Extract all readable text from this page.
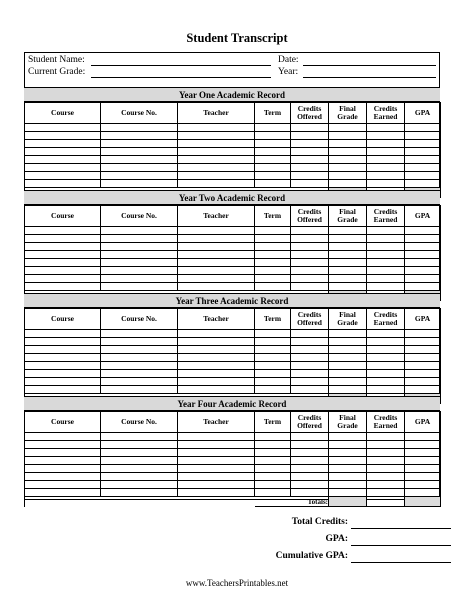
Student Transcript
Student Name:	Date:
Current Grade:	Year:
Year One Academic Record
Course	Course No.	Teacher	Term	Credits Offered	Final Grade	Credits Earned	GPA

Year Two Academic Record
Course	Course No.	Teacher	Term	Credits Offered	Final Grade	Credits Earned	GPA

Year Three Academic Record
Course	Course No.	Teacher	Term	Credits Offered	Final Grade	Credits Earned	GPA

Year Four Academic Record
Course	Course No.	Teacher	Term	Credits Offered	Final Grade	Credits Earned	GPA

			Totals:				
Total Credits:
GPA:
Cumulative GPA:
www.TeachersPrintables.net
